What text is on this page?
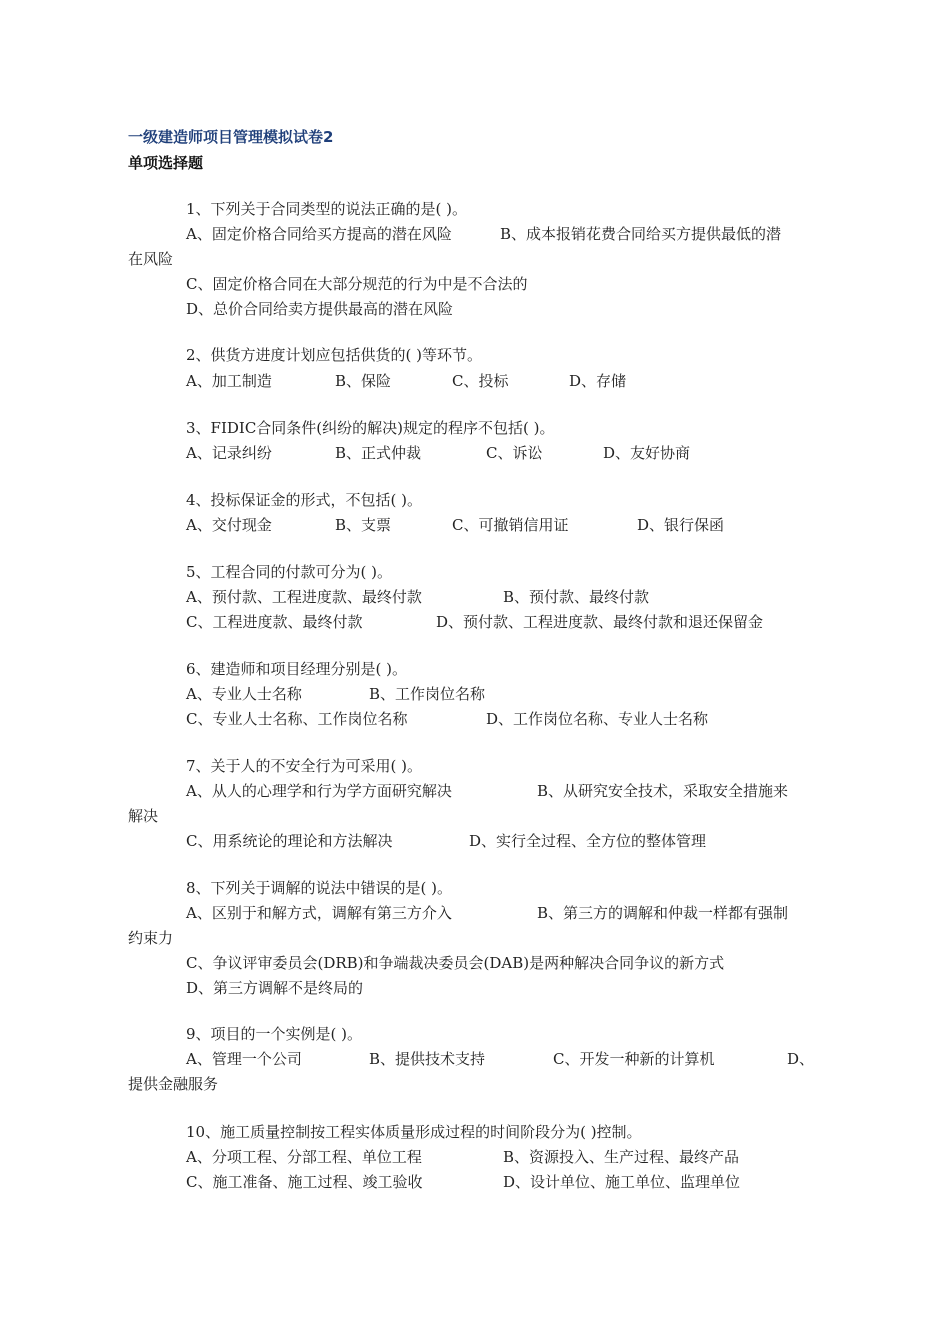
一级建造师项目管理模拟试卷2
单项选择题
1、下列关于合同类型的说法正确的是( )。
A、固定价格合同给买方提高的潜在风险	B、成本报销花费合同给买方提供最低的潜
在风险
C、固定价格合同在大部分规范的行为中是不合法的
D、总价合同给卖方提供最高的潜在风险
2、供货方进度计划应包括供货的( )等环节。
A、加工制造	B、保险	C、投标	D、存储
3、FIDIC合同条件(纠纷的解决)规定的程序不包括( )。
A、记录纠纷	B、正式仲裁	C、诉讼	D、友好协商
4、投标保证金的形式，不包括( )。
A、交付现金	B、支票	C、可撤销信用证	D、银行保函
5、工程合同的付款可分为( )。
A、预付款、工程进度款、最终付款	B、预付款、最终付款
C、工程进度款、最终付款	D、预付款、工程进度款、最终付款和退还保留金
6、建造师和项目经理分别是( )。
A、专业人士名称	B、工作岗位名称
C、专业人士名称、工作岗位名称	D、工作岗位名称、专业人士名称
7、关于人的不安全行为可采用( )。
A、从人的心理学和行为学方面研究解决	B、从研究安全技术，采取安全措施来
解决
C、用系统论的理论和方法解决	D、实行全过程、全方位的整体管理
8、下列关于调解的说法中错误的是( )。
A、区别于和解方式，调解有第三方介入	B、第三方的调解和仲裁一样都有强制
约束力
C、争议评审委员会(DRB)和争端裁决委员会(DAB)是两种解决合同争议的新方式
D、第三方调解不是终局的
9、项目的一个实例是( )。
A、管理一个公司	B、提供技术支持	C、开发一种新的计算机	D、
提供金融服务
10、施工质量控制按工程实体质量形成过程的时间阶段分为( )控制。
A、分项工程、分部工程、单位工程	B、资源投入、生产过程、最终产品
C、施工准备、施工过程、竣工验收	D、设计单位、施工单位、监理单位
